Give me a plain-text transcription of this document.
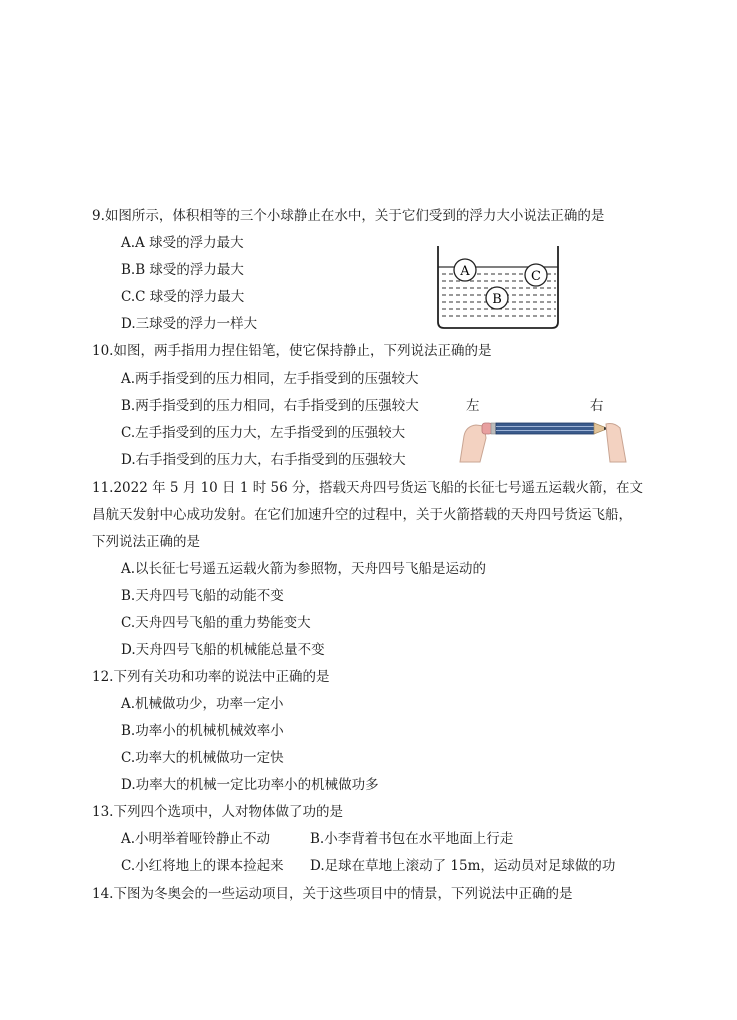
9.如图所示，体积相等的三个小球静止在水中，关于它们受到的浮力大小说法正确的是
A.A 球受的浮力最大
B.B 球受的浮力最大
C.C 球受的浮力最大
D.三球受的浮力一样大
A
B
C
10.如图，两手指用力捏住铅笔，使它保持静止，下列说法正确的是
A.两手指受到的压力相同，左手指受到的压强较大
B.两手指受到的压力相同，右手指受到的压强较大
C.左手指受到的压力大，左手指受到的压强较大
D.右手指受到的压力大，右手指受到的压强较大
左	右
11.2022 年 5 月 10 日 1 时 56 分，搭载天舟四号货运飞船的长征七号遥五运载火箭，在文
昌航天发射中心成功发射。在它们加速升空的过程中，关于火箭搭载的天舟四号货运飞船，
下列说法正确的是
A.以长征七号遥五运载火箭为参照物，天舟四号飞船是运动的
B.天舟四号飞船的动能不变
C.天舟四号飞船的重力势能变大
D.天舟四号飞船的机械能总量不变
12.下列有关功和功率的说法中正确的是
A.机械做功少，功率一定小
B.功率小的机械机械效率小
C.功率大的机械做功一定快
D.功率大的机械一定比功率小的机械做功多
13.下列四个选项中，人对物体做了功的是
A.小明举着哑铃静止不动	B.小李背着书包在水平地面上行走
C.小红将地上的课本捡起来 D.足球在草地上滚动了 15m，运动员对足球做的功
14.下图为冬奥会的一些运动项目，关于这些项目中的情景，下列说法中正确的是
